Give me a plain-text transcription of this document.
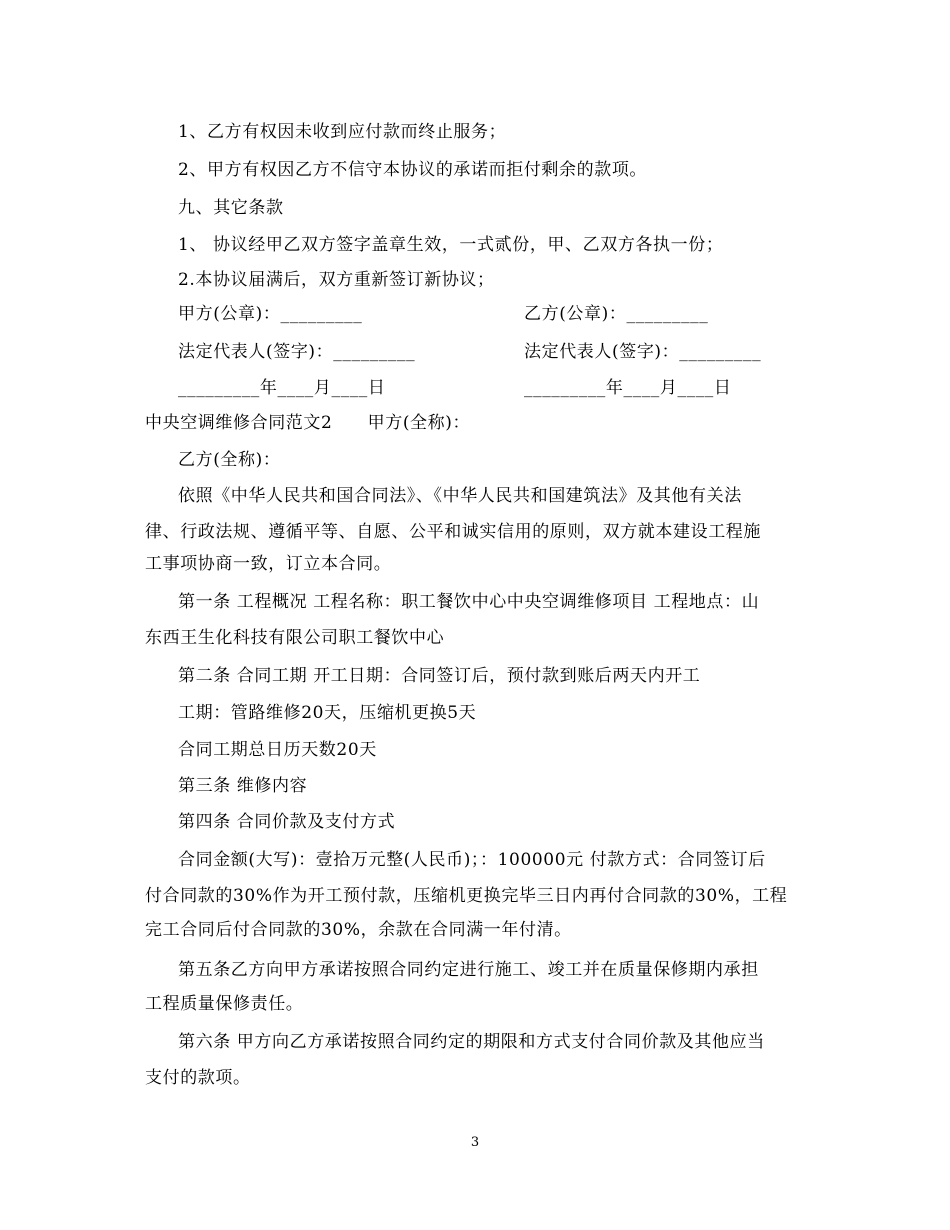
1、乙方有权因未收到应付款而终止服务；
2、甲方有权因乙方不信守本协议的承诺而拒付剩余的款项。
九、其它条款
1、 协议经甲乙双方签字盖章生效，一式贰份，甲、乙双方各执一份；
2.本协议届满后，双方重新签订新协议；
甲方(公章)：_________	乙方(公章)：_________
法定代表人(签字)：_________	法定代表人(签字)：_________
_________年____月____日	_________年____月____日
中央空调维修合同范文2　　甲方(全称)：
乙方(全称)：
依照《中华人民共和国合同法》、《中华人民共和国建筑法》及其他有关法
律、行政法规、遵循平等、自愿、公平和诚实信用的原则，双方就本建设工程施
工事项协商一致，订立本合同。
第一条 工程概况 工程名称：职工餐饮中心中央空调维修项目 工程地点：山
东西王生化科技有限公司职工餐饮中心
第二条 合同工期 开工日期：合同签订后，预付款到账后两天内开工
工期：管路维修20天，压缩机更换5天
合同工期总日历天数20天
第三条 维修内容
第四条 合同价款及支付方式
合同金额(大写)：壹拾万元整(人民币)；：100000元 付款方式：合同签订后
付合同款的30%作为开工预付款，压缩机更换完毕三日内再付合同款的30%，工程
完工合同后付合同款的30%，余款在合同满一年付清。
第五条乙方向甲方承诺按照合同约定进行施工、竣工并在质量保修期内承担
工程质量保修责任。
第六条 甲方向乙方承诺按照合同约定的期限和方式支付合同价款及其他应当
支付的款项。
3
